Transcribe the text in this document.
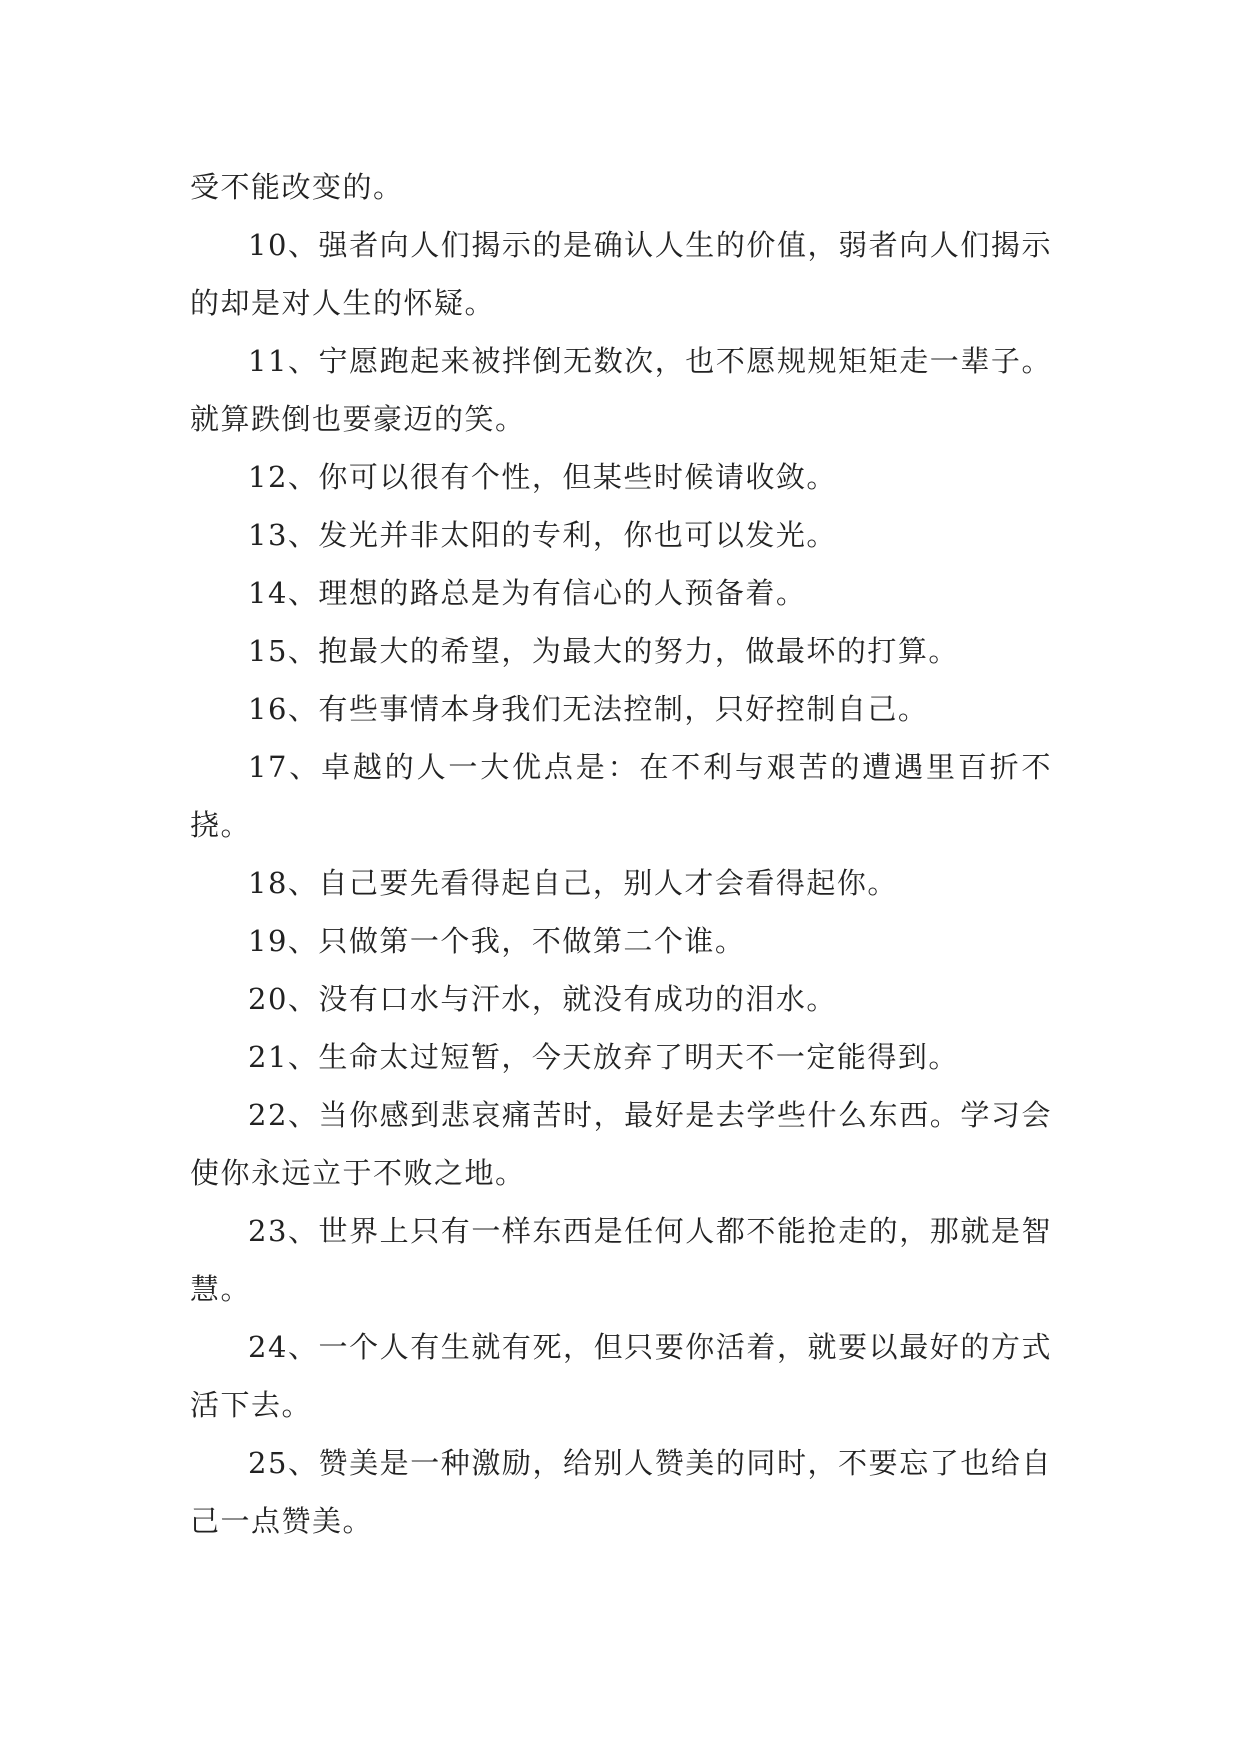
受不能改变的。

10、强者向人们揭示的是确认人生的价值，弱者向人们揭示的却是对人生的怀疑。

11、宁愿跑起来被拌倒无数次，也不愿规规矩矩走一辈子。就算跌倒也要豪迈的笑。

12、你可以很有个性，但某些时候请收敛。

13、发光并非太阳的专利，你也可以发光。

14、理想的路总是为有信心的人预备着。

15、抱最大的希望，为最大的努力，做最坏的打算。

16、有些事情本身我们无法控制，只好控制自己。

17、卓越的人一大优点是：在不利与艰苦的遭遇里百折不挠。

18、自己要先看得起自己，别人才会看得起你。

19、只做第一个我，不做第二个谁。

20、没有口水与汗水，就没有成功的泪水。

21、生命太过短暂，今天放弃了明天不一定能得到。

22、当你感到悲哀痛苦时，最好是去学些什么东西。学习会使你永远立于不败之地。

23、世界上只有一样东西是任何人都不能抢走的，那就是智慧。

24、一个人有生就有死，但只要你活着，就要以最好的方式活下去。

25、赞美是一种激励，给别人赞美的同时，不要忘了也给自己一点赞美。
